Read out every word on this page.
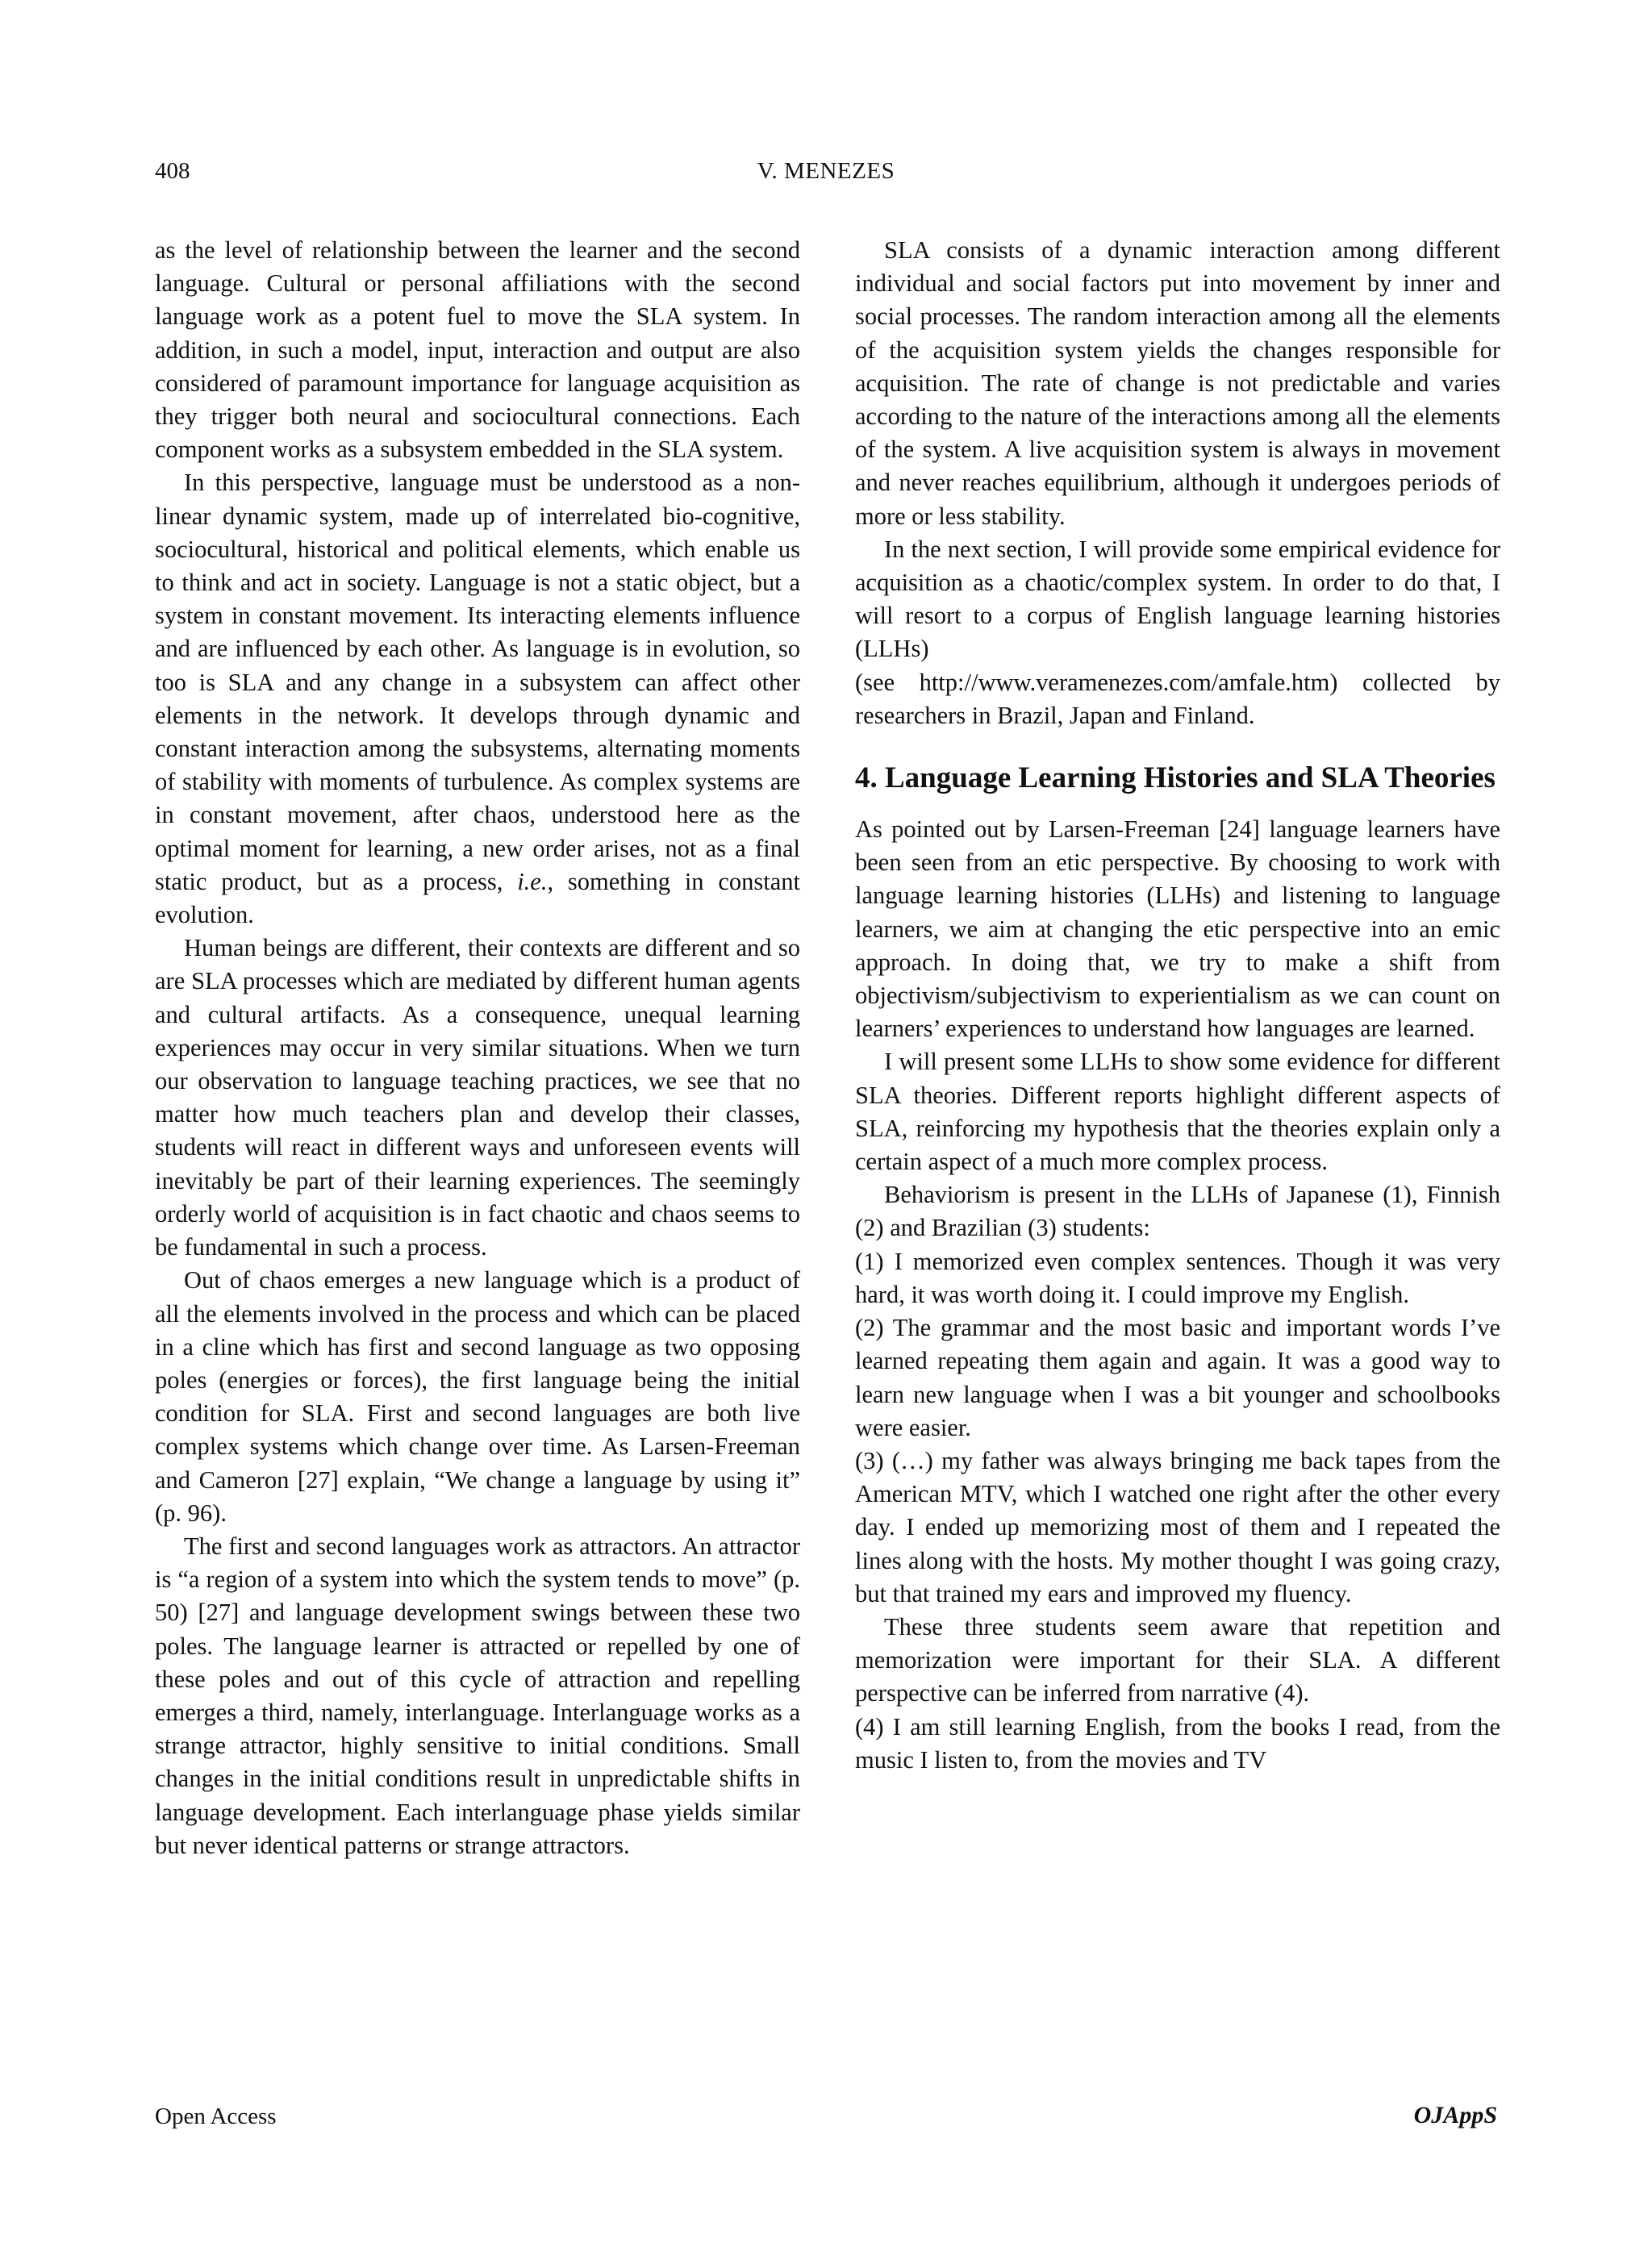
408	V. MENEZES

as the level of relationship between the learner and the second language. Cultural or personal affiliations with the second language work as a potent fuel to move the SLA system. In addition, in such a model, input, interaction and output are also considered of paramount importance for language acquisition as they trigger both neural and sociocultural connections. Each component works as a subsystem embedded in the SLA system.

In this perspective, language must be understood as a non-linear dynamic system, made up of interrelated bio-cognitive, sociocultural, historical and political elements, which enable us to think and act in society. Language is not a static object, but a system in constant movement. Its interacting elements influence and are influenced by each other. As language is in evolution, so too is SLA and any change in a subsystem can affect other elements in the network. It develops through dynamic and constant interaction among the subsystems, alternating moments of stability with moments of turbulence. As complex systems are in constant movement, after chaos, understood here as the optimal moment for learning, a new order arises, not as a final static product, but as a process, i.e., something in constant evolution.

Human beings are different, their contexts are different and so are SLA processes which are mediated by different human agents and cultural artifacts. As a consequence, unequal learning experiences may occur in very similar situations. When we turn our observation to language teaching practices, we see that no matter how much teachers plan and develop their classes, students will react in different ways and unforeseen events will inevitably be part of their learning experiences. The seemingly orderly world of acquisition is in fact chaotic and chaos seems to be fundamental in such a process.

Out of chaos emerges a new language which is a product of all the elements involved in the process and which can be placed in a cline which has first and second language as two opposing poles (energies or forces), the first language being the initial condition for SLA. First and second languages are both live complex systems which change over time. As Larsen-Freeman and Cameron [27] explain, “We change a language by using it” (p. 96).

The first and second languages work as attractors. An attractor is “a region of a system into which the system tends to move” (p. 50) [27] and language development swings between these two poles. The language learner is attracted or repelled by one of these poles and out of this cycle of attraction and repelling emerges a third, namely, interlanguage. Interlanguage works as a strange attractor, highly sensitive to initial conditions. Small changes in the initial conditions result in unpredictable shifts in language development. Each interlanguage phase yields similar but never identical patterns or strange attractors.

SLA consists of a dynamic interaction among different individual and social factors put into movement by inner and social processes. The random interaction among all the elements of the acquisition system yields the changes responsible for acquisition. The rate of change is not predictable and varies according to the nature of the interactions among all the elements of the system. A live acquisition system is always in movement and never reaches equilibrium, although it undergoes periods of more or less stability.

In the next section, I will provide some empirical evidence for acquisition as a chaotic/complex system. In order to do that, I will resort to a corpus of English language learning histories (LLHs)

(see http://www.veramenezes.com/amfale.htm) collected by researchers in Brazil, Japan and Finland.

4. Language Learning Histories and SLA Theories

As pointed out by Larsen-Freeman [24] language learners have been seen from an etic perspective. By choosing to work with language learning histories (LLHs) and listening to language learners, we aim at changing the etic perspective into an emic approach. In doing that, we try to make a shift from objectivism/subjectivism to experientialism as we can count on learners’ experiences to understand how languages are learned.

I will present some LLHs to show some evidence for different SLA theories. Different reports highlight different aspects of SLA, reinforcing my hypothesis that the theories explain only a certain aspect of a much more complex process.

Behaviorism is present in the LLHs of Japanese (1), Finnish (2) and Brazilian (3) students:

(1) I memorized even complex sentences. Though it was very hard, it was worth doing it. I could improve my English.

(2) The grammar and the most basic and important words I’ve learned repeating them again and again. It was a good way to learn new language when I was a bit younger and schoolbooks were easier.

(3) (…) my father was always bringing me back tapes from the American MTV, which I watched one right after the other every day. I ended up memorizing most of them and I repeated the lines along with the hosts. My mother thought I was going crazy, but that trained my ears and improved my fluency.

These three students seem aware that repetition and memorization were important for their SLA. A different perspective can be inferred from narrative (4).

(4) I am still learning English, from the books I read, from the music I listen to, from the movies and TV

Open Access	OJAppS
